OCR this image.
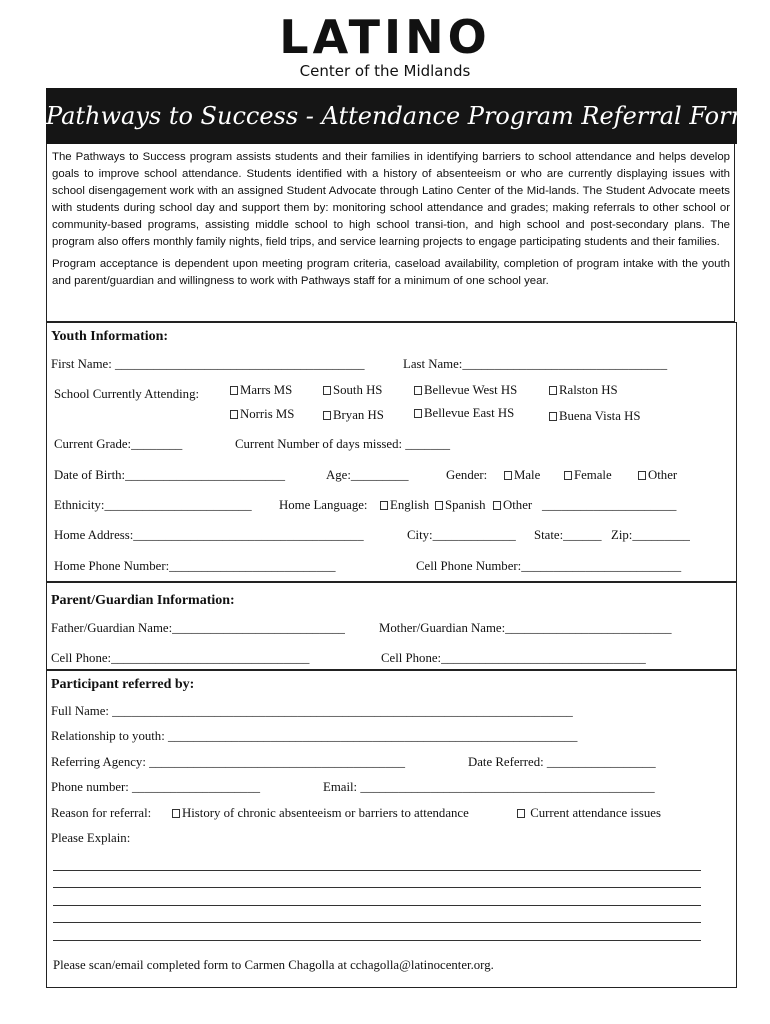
LATINO
Center of the Midlands
Pathways to Success - Attendance Program Referral Form

The Pathways to Success program assists students and their families in identifying barriers to school attendance and helps develop goals to improve school attendance. Students identified with a history of absenteeism or who are currently displaying issues with school disengagement work with an assigned Student Advocate through Latino Center of the Mid-lands. The Student Advocate meets with students during school day and support them by: monitoring school attendance and grades; making referrals to other school or community-based programs, assisting middle school to high school transi-tion, and high school and post-secondary plans. The program also offers monthly family nights, field trips, and service learning projects to engage participating students and their families.

Program acceptance is dependent upon meeting program criteria, caseload availability, completion of program intake with the youth and parent/guardian and willingness to work with Pathways staff for a minimum of one school year.

Youth Information:
First Name: _______________________________________	Last Name:________________________________
School Currently Attending:	Marrs MS	South HS	Bellevue West HS	Ralston HS
Norris MS	Bryan HS	Bellevue East HS	Buena Vista HS
Current Grade:________	Current Number of days missed: _______
Date of Birth:_________________________	Age:_________	Gender:	Male	Female	Other
Ethnicity:_______________________ Home Language:	English	Spanish	Other _____________________
Home Address:____________________________________	City:_____________ State:______ Zip:_________
Home Phone Number:__________________________	Cell Phone Number:_________________________
Parent/Guardian Information:
Father/Guardian Name:___________________________	Mother/Guardian Name:__________________________
Cell Phone:_______________________________	Cell Phone:________________________________
Participant referred by:
Full Name: ________________________________________________________________________
Relationship to youth: ________________________________________________________________
Referring Agency: ________________________________________	Date Referred: _________________
Phone number: ____________________	Email: ______________________________________________
Reason for referral:	History of chronic absenteeism or barriers to attendance	Current attendance issues
Please Explain:
Please scan/email completed form to Carmen Chagolla at cchagolla@latinocenter.org.
